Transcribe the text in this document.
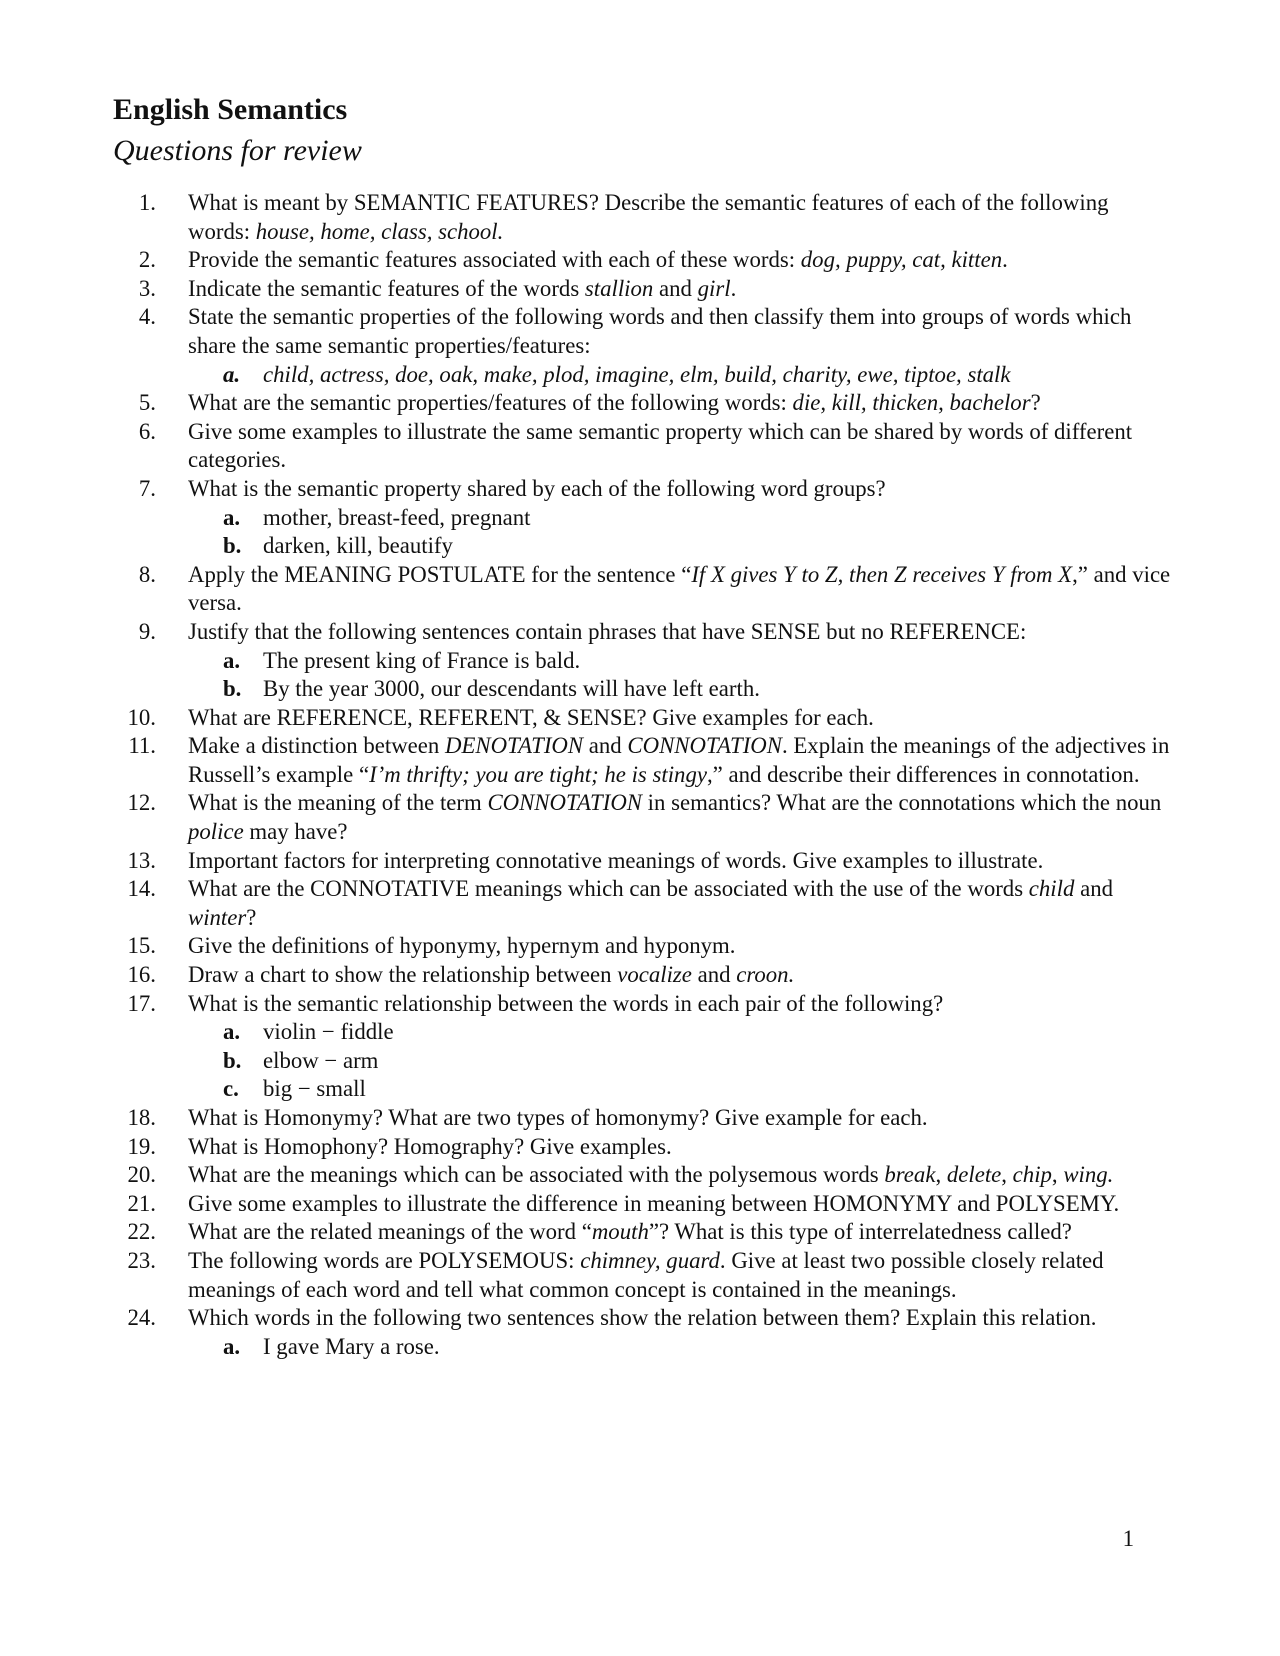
English Semantics
Questions for review
1. What is meant by SEMANTIC FEATURES? Describe the semantic features of each of the following words: house, home, class, school.
2. Provide the semantic features associated with each of these words: dog, puppy, cat, kitten.
3. Indicate the semantic features of the words stallion and girl.
4. State the semantic properties of the following words and then classify them into groups of words which share the same semantic properties/features:
a. child, actress, doe, oak, make, plod, imagine, elm, build, charity, ewe, tiptoe, stalk
5. What are the semantic properties/features of the following words: die, kill, thicken, bachelor?
6. Give some examples to illustrate the same semantic property which can be shared by words of different categories.
7. What is the semantic property shared by each of the following word groups?
a. mother, breast-feed, pregnant
b. darken, kill, beautify
8. Apply the MEANING POSTULATE for the sentence “If X gives Y to Z, then Z receives Y from X,” and vice versa.
9. Justify that the following sentences contain phrases that have SENSE but no REFERENCE:
a. The present king of France is bald.
b. By the year 3000, our descendants will have left earth.
10. What are REFERENCE, REFERENT, & SENSE? Give examples for each.
11. Make a distinction between DENOTATION and CONNOTATION. Explain the meanings of the adjectives in Russell’s example “I’m thrifty; you are tight; he is stingy,” and describe their differences in connotation.
12. What is the meaning of the term CONNOTATION in semantics? What are the connotations which the noun police may have?
13. Important factors for interpreting connotative meanings of words. Give examples to illustrate.
14. What are the CONNOTATIVE meanings which can be associated with the use of the words child and winter?
15. Give the definitions of hyponymy, hypernym and hyponym.
16. Draw a chart to show the relationship between vocalize and croon.
17. What is the semantic relationship between the words in each pair of the following?
a. violin − fiddle
b. elbow − arm
c. big − small
18. What is Homonymy? What are two types of homonymy? Give example for each.
19. What is Homophony? Homography? Give examples.
20. What are the meanings which can be associated with the polysemous words break, delete, chip, wing.
21. Give some examples to illustrate the difference in meaning between HOMONYMY and POLYSEMY.
22. What are the related meanings of the word “mouth”? What is this type of interrelatedness called?
23. The following words are POLYSEMOUS: chimney, guard. Give at least two possible closely related meanings of each word and tell what common concept is contained in the meanings.
24. Which words in the following two sentences show the relation between them? Explain this relation.
a. I gave Mary a rose.
1
